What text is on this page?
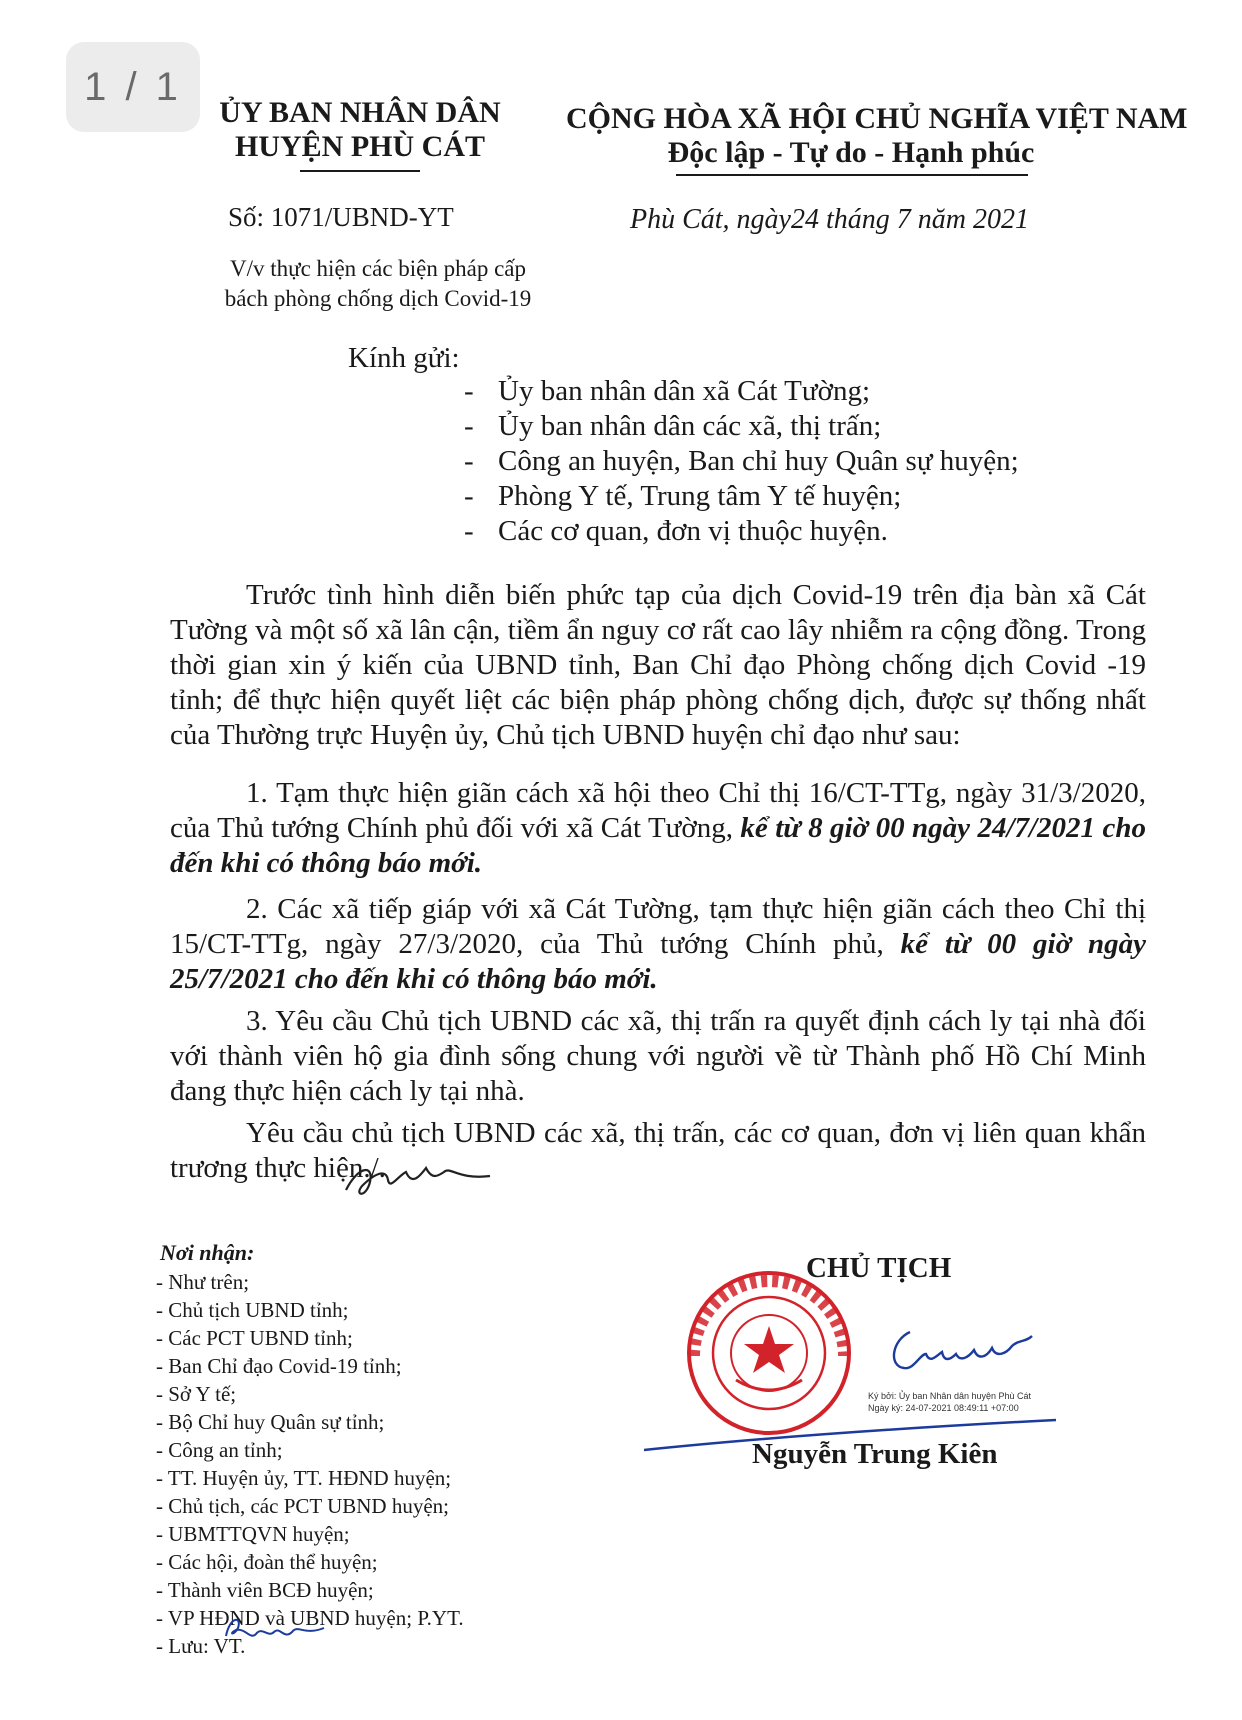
1 / 1
ỦY BAN NHÂN DÂN
HUYỆN PHÙ CÁT
CỘNG HÒA XÃ HỘI CHỦ NGHĨA VIỆT NAM
Độc lập - Tự do - Hạnh phúc
Số: 1071/UBND-YT	Phù Cát, ngày24 tháng 7 năm 2021
V/v thực hiện các biện pháp cấp
bách phòng chống dịch Covid-19
Kính gửi:
- Ủy ban nhân dân xã Cát Tường;
- Ủy ban nhân dân các xã, thị trấn;
- Công an huyện, Ban chỉ huy Quân sự huyện;
- Phòng Y tế, Trung tâm Y tế huyện;
- Các cơ quan, đơn vị thuộc huyện.

Trước tình hình diễn biến phức tạp của dịch Covid-19 trên địa bàn xã Cát Tường và một số xã lân cận, tiềm ẩn nguy cơ rất cao lây nhiễm ra cộng đồng. Trong thời gian xin ý kiến của UBND tỉnh, Ban Chỉ đạo Phòng chống dịch Covid -19 tỉnh; để thực hiện quyết liệt các biện pháp phòng chống dịch, được sự thống nhất của Thường trực Huyện ủy, Chủ tịch UBND huyện chỉ đạo như sau:

1. Tạm thực hiện giãn cách xã hội theo Chỉ thị 16/CT-TTg, ngày 31/3/2020, của Thủ tướng Chính phủ đối với xã Cát Tường, kể từ 8 giờ 00 ngày 24/7/2021 cho đến khi có thông báo mới.

2. Các xã tiếp giáp với xã Cát Tường, tạm thực hiện giãn cách theo Chỉ thị 15/CT-TTg, ngày 27/3/2020, của Thủ tướng Chính phủ, kể từ 00 giờ ngày 25/7/2021 cho đến khi có thông báo mới.

3. Yêu cầu Chủ tịch UBND các xã, thị trấn ra quyết định cách ly tại nhà đối với thành viên hộ gia đình sống chung với người về từ Thành phố Hồ Chí Minh đang thực hiện cách ly tại nhà.

Yêu cầu chủ tịch UBND các xã, thị trấn, các cơ quan, đơn vị liên quan khẩn trương thực hiện./.

Nơi nhận:
- Như trên;
- Chủ tịch UBND tỉnh;
- Các PCT UBND tỉnh;
- Ban Chỉ đạo Covid-19 tỉnh;
- Sở Y tế;
- Bộ Chỉ huy Quân sự tỉnh;
- Công an tỉnh;
- TT. Huyện ủy, TT. HĐND huyện;
- Chủ tịch, các PCT UBND huyện;
- UBMTTQVN huyện;
- Các hội, đoàn thể huyện;
- Thành viên BCĐ huyện;
- VP HĐND và UBND huyện; P.YT.
- Lưu: VT.
CHỦ TỊCH
Ký bởi: Ủy ban Nhân dân huyện Phù Cát
Ngày ký: 24-07-2021 08:49:11 +07:00
Nguyễn Trung Kiên
